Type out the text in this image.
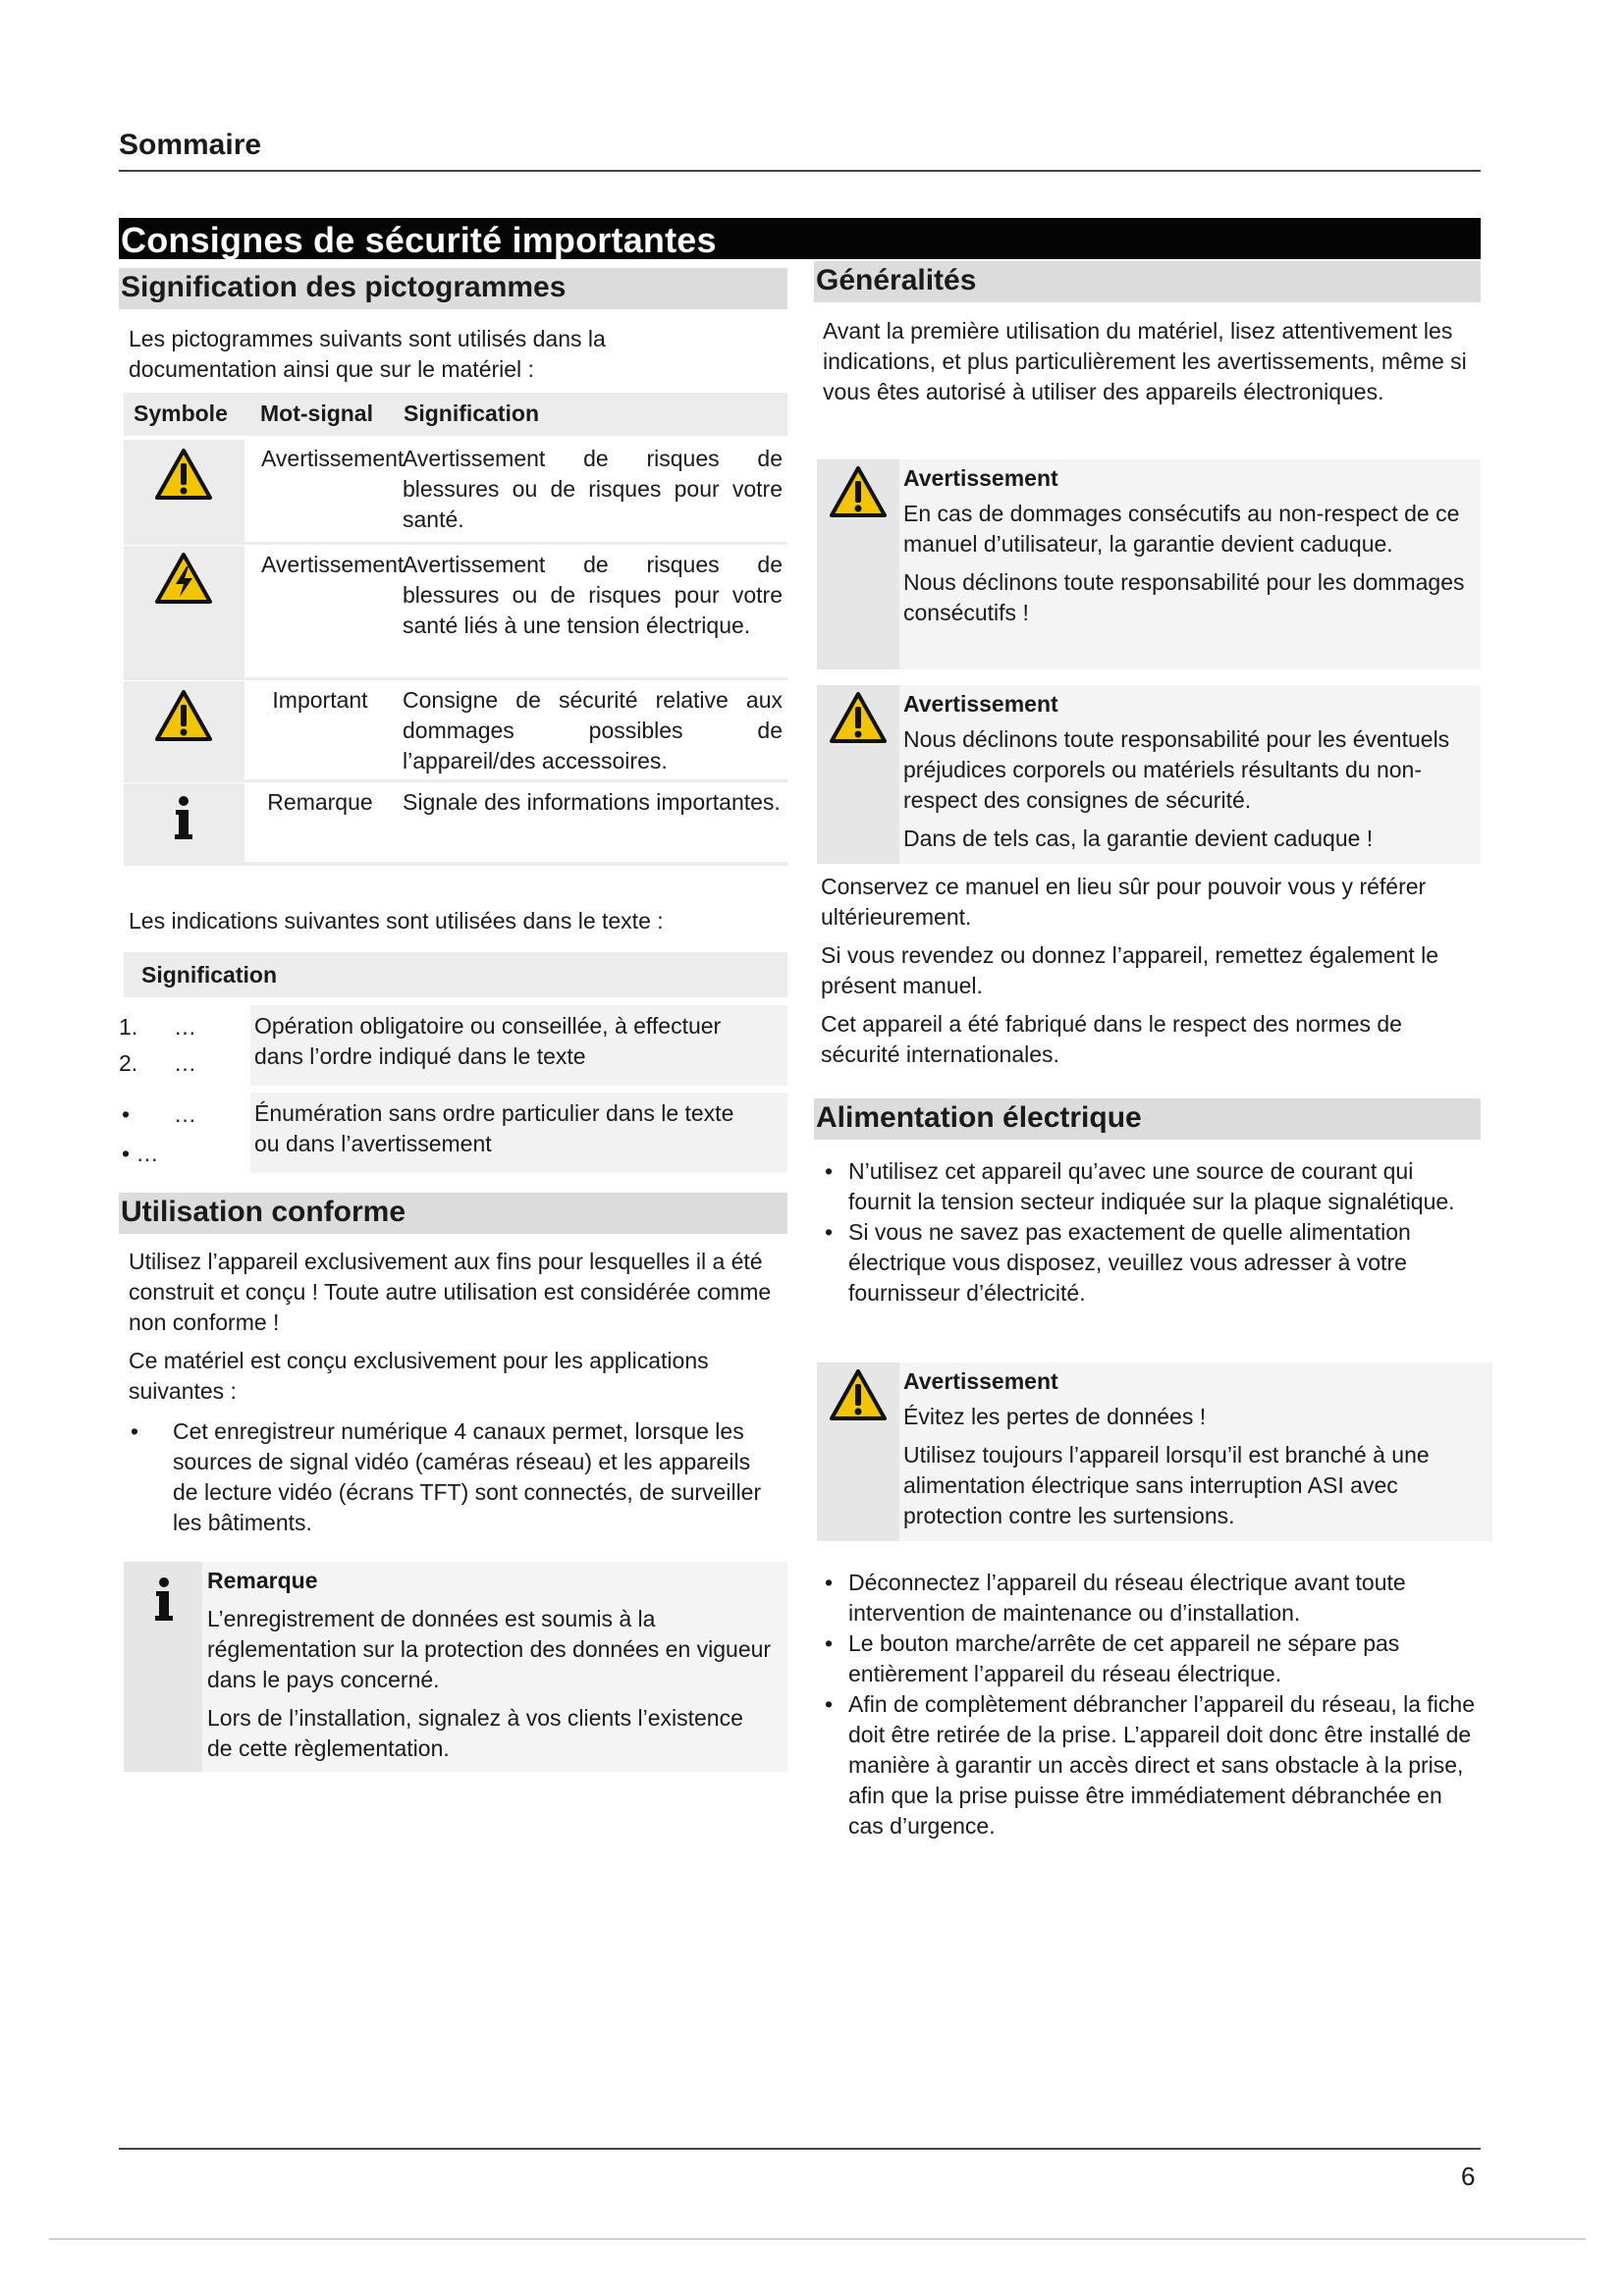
Sommaire
Consignes de sécurité importantes
Signification des pictogrammes
Les pictogrammes suivants sont utilisés dans la documentation ainsi que sur le matériel :
Symbole Mot-signal Signification
Avertissement
Avertissement de risques de blessures ou de risques pour votre santé.
Avertissement
Avertissement de risques de blessures ou de risques pour votre santé liés à une tension électrique.
Important	Consigne de sécurité relative aux dommages possibles de l’appareil/des accessoires.
Remarque	Signale des informations importantes.
Les indications suivantes sont utilisées dans le texte :
Signification
1. …
2. …
Opération obligatoire ou conseillée, à effectuer dans l’ordre indiqué dans le texte
• …
• …
Énumération sans ordre particulier dans le texte ou dans l’avertissement
Utilisation conforme

Utilisez l’appareil exclusivement aux fins pour lesquelles il a été construit et conçu ! Toute autre utilisation est considérée comme non conforme !

Ce matériel est conçu exclusivement pour les applications suivantes :

• Cet enregistreur numérique 4 canaux permet, lorsque les sources de signal vidéo (caméras réseau) et les appareils de lecture vidéo (écrans TFT) sont connectés, de surveiller les bâtiments.
Remarque

L’enregistrement de données est soumis à la réglementation sur la protection des données en vigueur dans le pays concerné.

Lors de l’installation, signalez à vos clients l’existence de cette règlementation.

Généralités
Avant la première utilisation du matériel, lisez attentivement les indications, et plus particulièrement les avertissements, même si vous êtes autorisé à utiliser des appareils électroniques.
Avertissement

En cas de dommages consécutifs au non-respect de ce manuel d’utilisateur, la garantie devient caduque.

Nous déclinons toute responsabilité pour les dommages consécutifs !

Avertissement

Nous déclinons toute responsabilité pour les éventuels préjudices corporels ou matériels résultants du non-respect des consignes de sécurité.

Dans de tels cas, la garantie devient caduque !

Conservez ce manuel en lieu sûr pour pouvoir vous y référer ultérieurement.

Si vous revendez ou donnez l’appareil, remettez également le présent manuel.

Cet appareil a été fabriqué dans le respect des normes de sécurité internationales.

Alimentation électrique
• N’utilisez cet appareil qu’avec une source de courant qui fournit la tension secteur indiquée sur la plaque signalétique.
• Si vous ne savez pas exactement de quelle alimentation électrique vous disposez, veuillez vous adresser à votre fournisseur d’électricité.
Avertissement

Évitez les pertes de données !

Utilisez toujours l’appareil lorsqu’il est branché à une alimentation électrique sans interruption ASI avec protection contre les surtensions.

• Déconnectez l’appareil du réseau électrique avant toute intervention de maintenance ou d’installation.
• Le bouton marche/arrête de cet appareil ne sépare pas entièrement l’appareil du réseau électrique.
• Afin de complètement débrancher l’appareil du réseau, la fiche doit être retirée de la prise. L’appareil doit donc être installé de manière à garantir un accès direct et sans obstacle à la prise, afin que la prise puisse être immédiatement débranchée en cas d’urgence.
6
